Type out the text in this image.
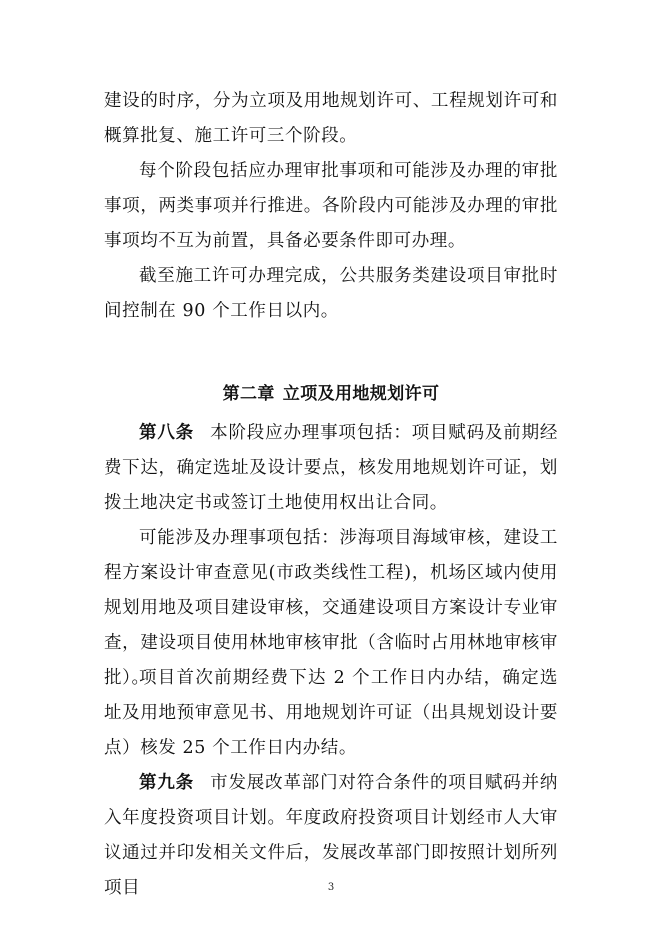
建设的时序，分为立项及用地规划许可、工程规划许可和概算批复、施工许可三个阶段。

每个阶段包括应办理审批事项和可能涉及办理的审批事项，两类事项并行推进。各阶段内可能涉及办理的审批事项均不互为前置，具备必要条件即可办理。

截至施工许可办理完成，公共服务类建设项目审批时间控制在 90 个工作日以内。

第二章 立项及用地规划许可

第八条 本阶段应办理事项包括：项目赋码及前期经费下达，确定选址及设计要点，核发用地规划许可证，划拨土地决定书或签订土地使用权出让合同。

可能涉及办理事项包括：涉海项目海域审核，建设工程方案设计审查意见(市政类线性工程)，机场区域内使用规划用地及项目建设审核，交通建设项目方案设计专业审查，建设项目使用林地审核审批（含临时占用林地审核审批）。

项目首次前期经费下达 2 个工作日内办结，确定选址及用地预审意见书、用地规划许可证（出具规划设计要点）核发 25 个工作日内办结。

第九条 市发展改革部门对符合条件的项目赋码并纳入年度投资项目计划。年度政府投资项目计划经市人大审议通过并印发相关文件后，发展改革部门即按照计划所列项目	3
